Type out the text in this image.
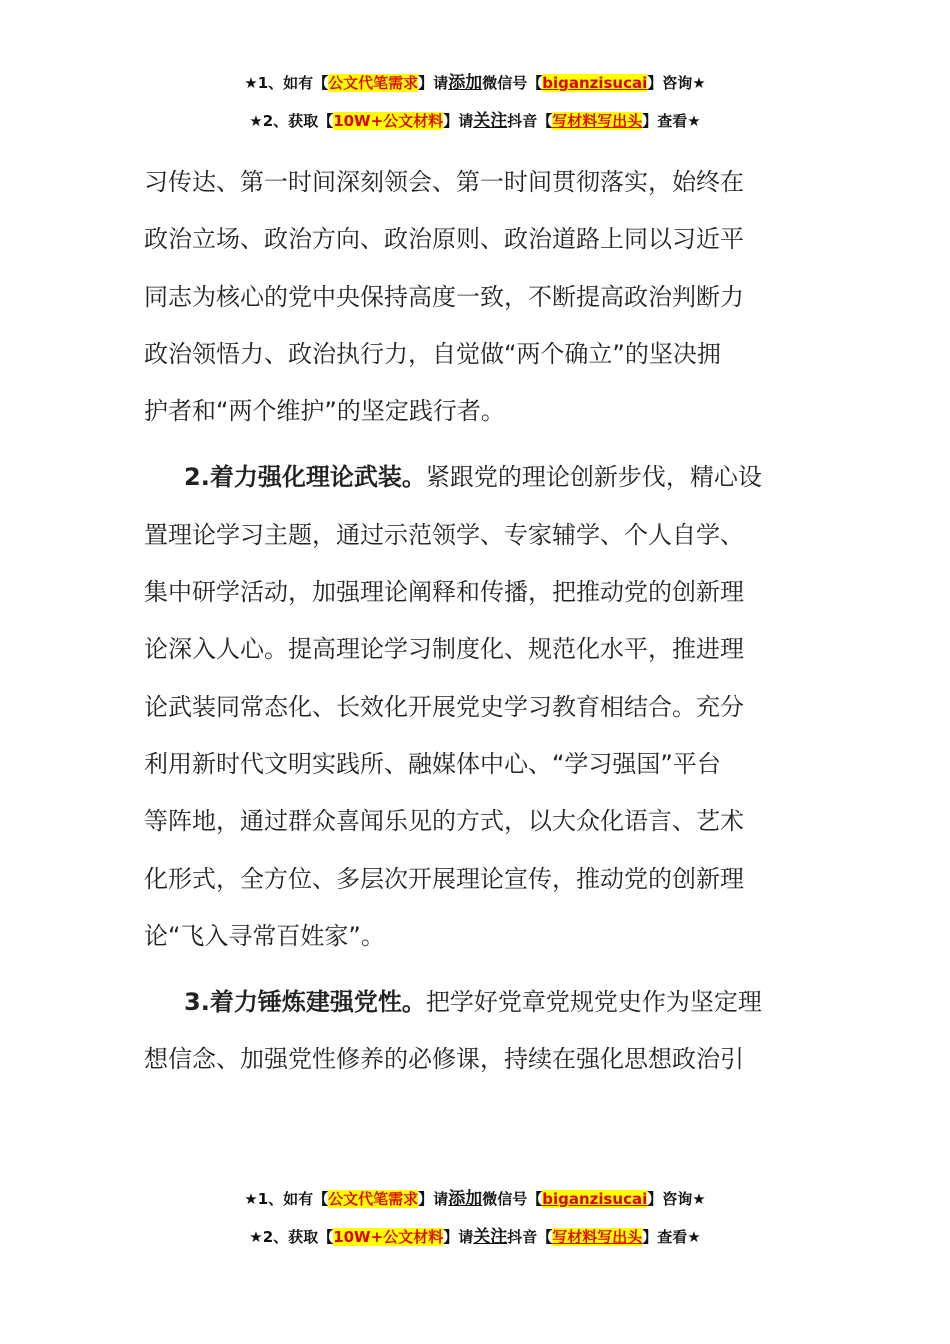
★1、如有【公文代笔需求】请添加微信号【biganzisucai】咨询★
★2、获取【10W+公文材料】请关注抖音【写材料写出头】查看★
习传达、第一时间深刻领会、第一时间贯彻落实，始终在
政治立场、政治方向、政治原则、政治道路上同以习近平
同志为核心的党中央保持高度一致，不断提高政治判断力
政治领悟力、政治执行力，自觉做“两个确立”的坚决拥
护者和“两个维护”的坚定践行者。
2.着力强化理论武装。紧跟党的理论创新步伐，精心设
置理论学习主题，通过示范领学、专家辅学、个人自学、
集中研学活动，加强理论阐释和传播，把推动党的创新理
论深入人心。提高理论学习制度化、规范化水平，推进理
论武装同常态化、长效化开展党史学习教育相结合。充分
利用新时代文明实践所、融媒体中心、“学习强国”平台
等阵地，通过群众喜闻乐见的方式，以大众化语言、艺术
化形式，全方位、多层次开展理论宣传，推动党的创新理
论“飞入寻常百姓家”。
3.着力锤炼建强党性。把学好党章党规党史作为坚定理
想信念、加强党性修养的必修课，持续在强化思想政治引
★1、如有【公文代笔需求】请添加微信号【biganzisucai】咨询★
★2、获取【10W+公文材料】请关注抖音【写材料写出头】查看★
